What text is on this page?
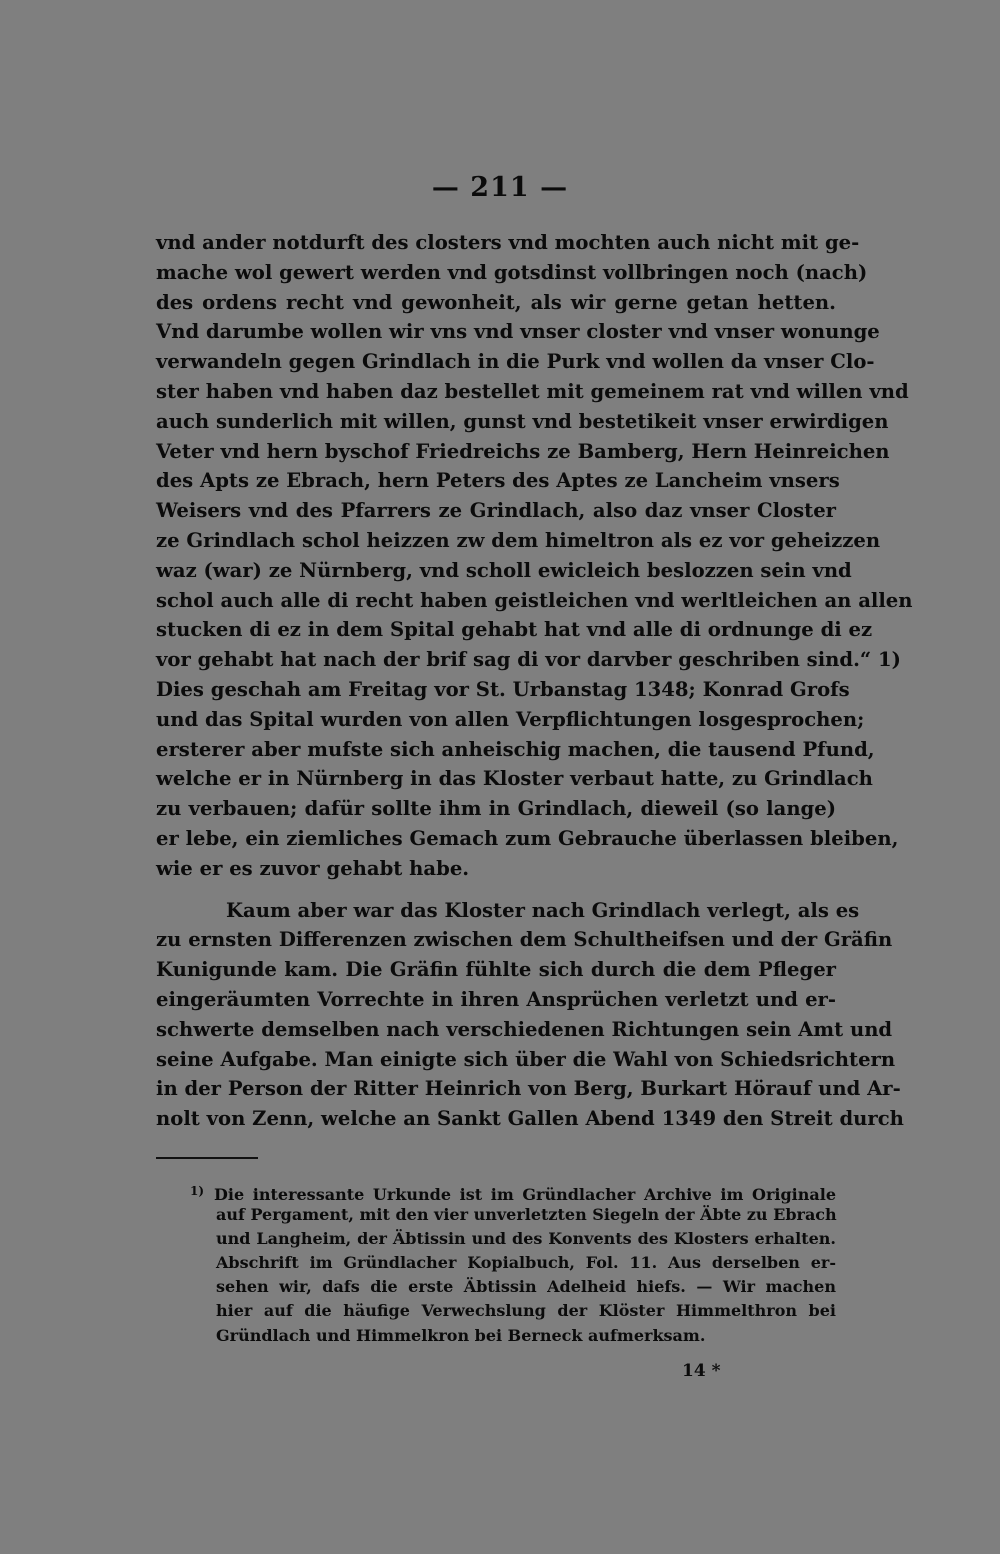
— 211 —
vnd ander notdurft des closters vnd mochten auch nicht mit ge-
mache wol gewert werden vnd gotsdinst vollbringen noch (nach)
des ordens recht vnd gewonheit, als wir gerne getan hetten.
Vnd darumbe wollen wir vns vnd vnser closter vnd vnser wonunge
verwandeln gegen Grindlach in die Purk vnd wollen da vnser Clo-
ster haben vnd haben daz bestellet mit gemeinem rat vnd willen vnd
auch sunderlich mit willen, gunst vnd bestetikeit vnser erwirdigen
Veter vnd hern byschof Friedreichs ze Bamberg, Hern Heinreichen
des Apts ze Ebrach, hern Peters des Aptes ze Lancheim vnsers
Weisers vnd des Pfarrers ze Grindlach, also daz vnser Closter
ze Grindlach schol heizzen zw dem himeltron als ez vor geheizzen
waz (war) ze Nürnberg, vnd scholl ewicleich beslozzen sein vnd
schol auch alle di recht haben geistleichen vnd werltleichen an allen
stucken di ez in dem Spital gehabt hat vnd alle di ordnunge di ez
vor gehabt hat nach der brif sag di vor darvber geschriben sind.“ 1)
Dies geschah am Freitag vor St. Urbanstag 1348; Konrad Grofs
und das Spital wurden von allen Verpflichtungen losgesprochen;
ersterer aber mufste sich anheischig machen, die tausend Pfund,
welche er in Nürnberg in das Kloster verbaut hatte, zu Grindlach
zu verbauen; dafür sollte ihm in Grindlach, dieweil (so lange)
er lebe, ein ziemliches Gemach zum Gebrauche überlassen bleiben,
wie er es zuvor gehabt habe.
Kaum aber war das Kloster nach Grindlach verlegt, als es
zu ernsten Differenzen zwischen dem Schultheifsen und der Gräfin
Kunigunde kam. Die Gräfin fühlte sich durch die dem Pfleger
eingeräumten Vorrechte in ihren Ansprüchen verletzt und er-
schwerte demselben nach verschiedenen Richtungen sein Amt und
seine Aufgabe. Man einigte sich über die Wahl von Schiedsrichtern
in der Person der Ritter Heinrich von Berg, Burkart Hörauf und Ar-
nolt von Zenn, welche an Sankt Gallen Abend 1349 den Streit durch
$^{1)}$ Die interessante Urkunde ist im Gründlacher Archive im Originale
auf Pergament, mit den vier unverletzten Siegeln der Äbte zu Ebrach
und Langheim, der Äbtissin und des Konvents des Klosters erhalten.
Abschrift im Gründlacher Kopialbuch, Fol. 11. Aus derselben er-
sehen wir, dafs die erste Äbtissin Adelheid hiefs. — Wir machen
hier auf die häufige Verwechslung der Klöster Himmelthron bei
Gründlach und Himmelkron bei Berneck aufmerksam.
14 *
